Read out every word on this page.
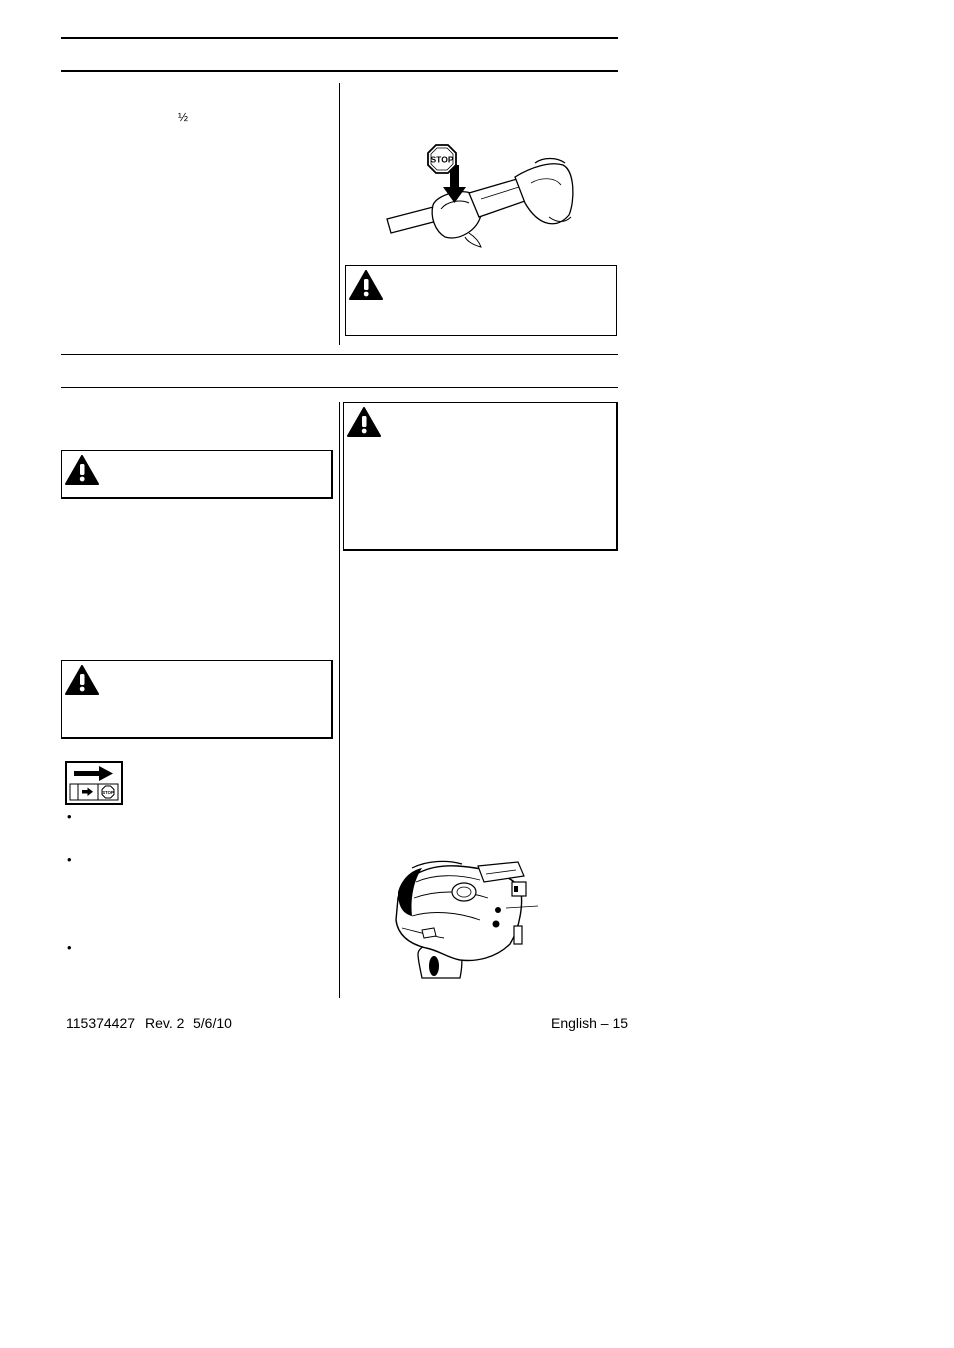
½
STOP
STOP
•
•
•
115374427 Rev. 2 5/6/10	English – 15
